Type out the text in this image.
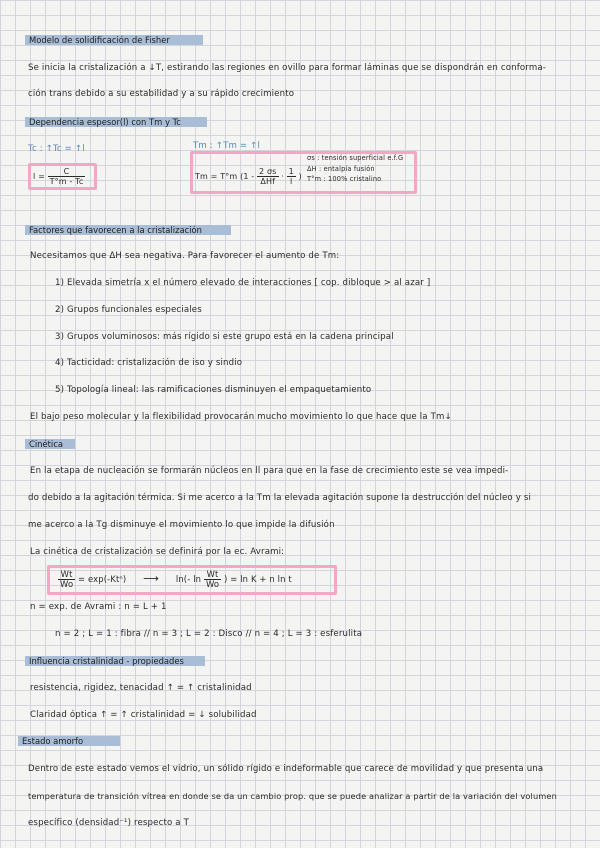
Modelo de solidificación de Fisher
Se inicia la cristalización a ↓T, estirando las regiones en ovillo para formar láminas que se dispondrán en conforma-
ción trans debido a su estabilidad y a su rápido crecimiento
Dependencia espesor(l) con Tm y Tc
Tc : ↑Tc = ↑l	Tm : ↑Tm = ↑l
$l = \frac{C}{T^\circ m - Tc}$	Tm = T°m ($1 - \frac{2 \sigma s}{\text{ΔHf}} \cdot \frac{1}{l}$ )
σs : tensión superficial e.f.G
ΔH : entalpía fusión
T°m : 100% cristalino
Factores que favorecen a la cristalización
Necesitamos que ΔH sea negativa. Para favorecer el aumento de Tm:
1) Elevada simetría x el número elevado de interacciones [ cop. dibloque > al azar ]
2) Grupos funcionales especiales
3) Grupos voluminosos: más rígido si este grupo está en la cadena principal
4) Tacticidad: cristalización de iso y sindio
5) Topología lineal: las ramificaciones disminuyen el empaquetamiento
El bajo peso molecular y la flexibilidad provocarán mucho movimiento lo que hace que la Tm↓
Cinética
En la etapa de nucleación se formarán núcleos en ll para que en la fase de crecimiento este se vea impedi-
do debido a la agitación térmica. Si me acerco a la Tm la elevada agitación supone la destrucción del núcleo y si
me acerco a la Tg disminuye el movimiento lo que impide la difusión
La cinética de cristalización se definirá por la ec. Avrami:
$\frac{Wt}{Wo} = \exp(-Kt^n)$ ⟶ ln(- $\ln \frac{Wt}{Wo}$ ) = ln K + n ln t
n = exp. de Avrami : n = L + 1
n = 2 ; L = 1 : fibra // n = 3 ; L = 2 : Disco // n = 4 ; L = 3 : esferulita
Influencia cristalinidad - propiedades
resistencia, rigidez, tenacidad ↑ = ↑ cristalinidad
Claridad óptica ↑ = ↑ cristalinidad = ↓ solubilidad
Estado amorfo
Dentro de este estado vemos el vidrio, un sólido rígido e indeformable que carece de movilidad y que presenta una
temperatura de transición vítrea en donde se da un cambio prop. que se puede analizar a partir de la variación del volumen
específico (densidad⁻¹) respecto a T
